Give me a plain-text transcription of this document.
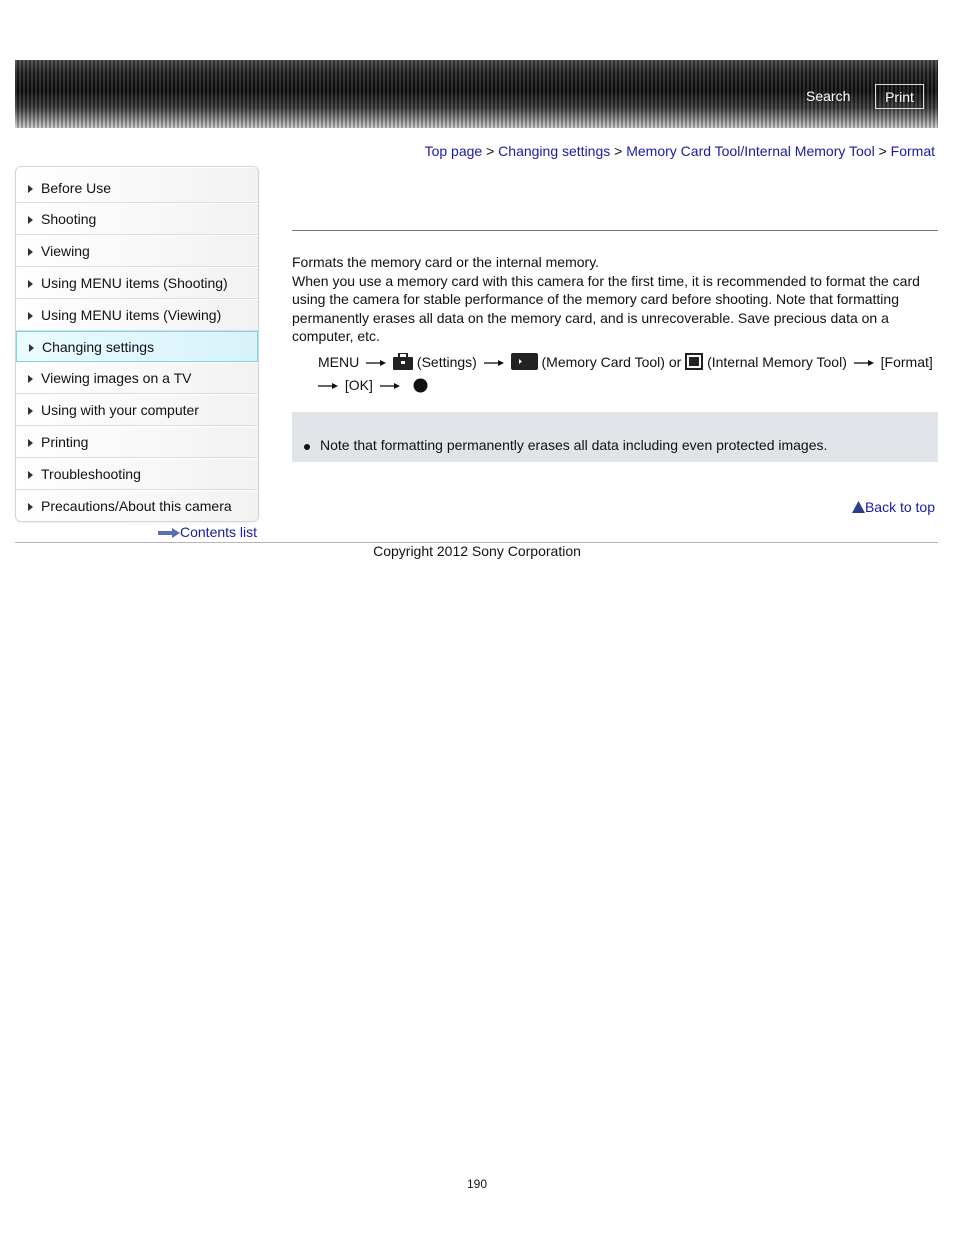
Search	Print
Top page > Changing settings > Memory Card Tool/Internal Memory Tool > Format
Before Use
Shooting
Viewing
Using MENU items (Shooting)
Using MENU items (Viewing)
Changing settings
Viewing images on a TV
Using with your computer
Printing
Troubleshooting
Precautions/About this camera
Contents list

Formats the memory card or the internal memory.

When you use a memory card with this camera for the first time, it is recommended to format the card using the camera for stable performance of the memory card before shooting. Note that formatting permanently erases all data on the memory card, and is unrecoverable. Save precious data on a computer, etc.

MENU	(Settings)	(Memory Card Tool) or (Internal Memory Tool) [Format]
[OK]
Note that formatting permanently erases all data including even protected images.
Back to top
Copyright 2012 Sony Corporation
190
